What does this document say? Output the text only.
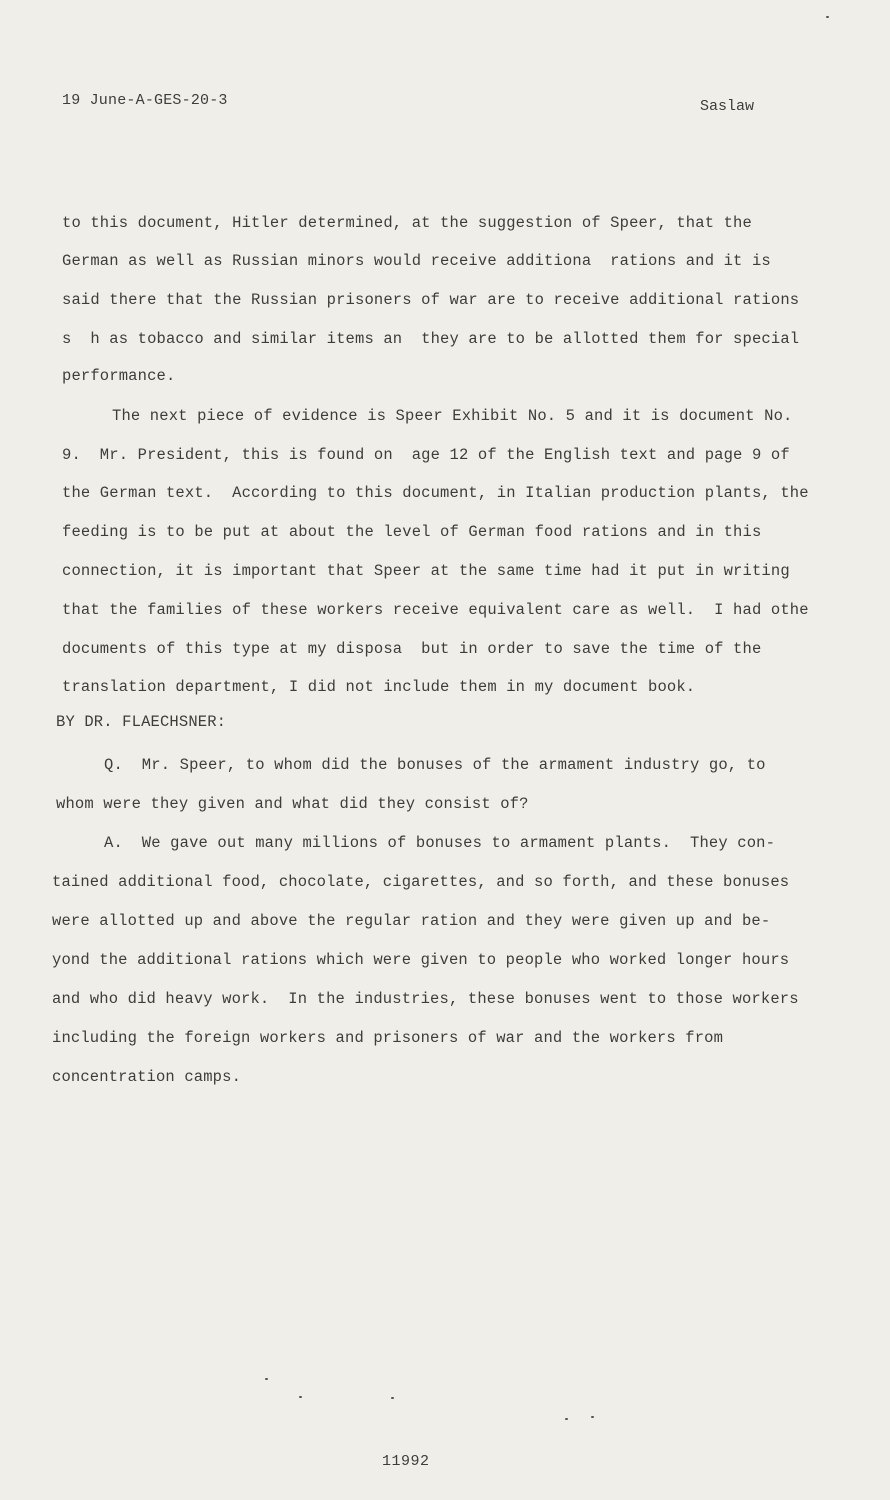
19 June-A-GES-20-3	Saslaw
to this document, Hitler determined, at the suggestion of Speer, that the
German as well as Russian minors would receive additiona  rations and it is
said there that the Russian prisoners of war are to receive additional rations
s  h as tobacco and similar items an  they are to be allotted them for special
performance.
The next piece of evidence is Speer Exhibit No. 5 and it is document No.
9.  Mr. President, this is found on  age 12 of the English text and page 9 of
the German text.  According to this document, in Italian production plants, the
feeding is to be put at about the level of German food rations and in this
connection, it is important that Speer at the same time had it put in writing
that the families of these workers receive equivalent care as well.  I had othe
documents of this type at my disposa  but in order to save the time of the
translation department, I did not include them in my document book.
BY DR. FLAECHSNER:
Q.  Mr. Speer, to whom did the bonuses of the armament industry go, to
whom were they given and what did they consist of?
A.  We gave out many millions of bonuses to armament plants.  They con-
tained additional food, chocolate, cigarettes, and so forth, and these bonuses
were allotted up and above the regular ration and they were given up and be-
yond the additional rations which were given to people who worked longer hours
and who did heavy work.  In the industries, these bonuses went to those workers
including the foreign workers and prisoners of war and the workers from
concentration camps.
11992
